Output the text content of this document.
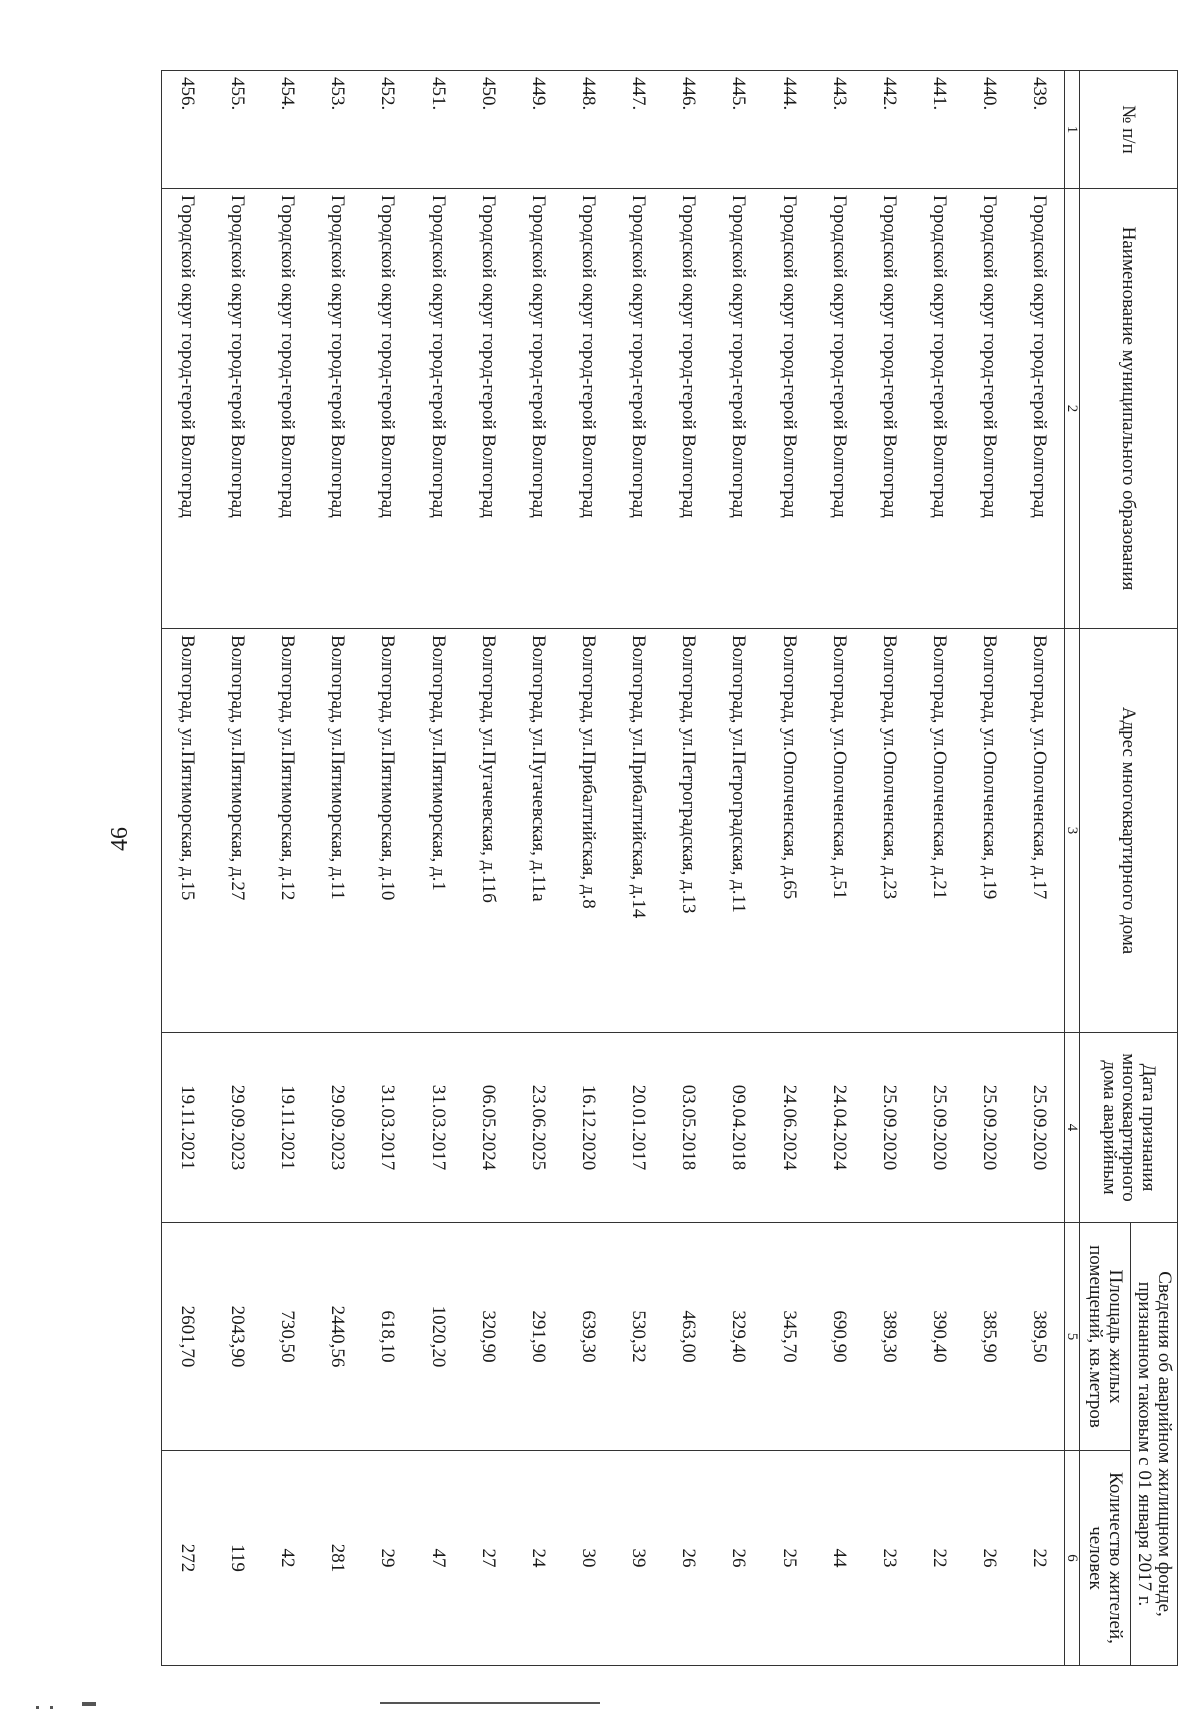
46
№ п/п	Наименование муниципального образования	Адрес многоквартирного дома	Дата признания многоквартирного дома аварийным	Сведения об аварийном жилищном фонде, признанном таковым с 01 января 2017 г.	
				Площадь жилых помещений, кв.метров	Количество жителей, человек
1	2	3	4	5	6
439.	Городской округ город-герой Волгоград	Волгоград, ул.Ополченская, д.17	25.09.2020	389,50	22
440.	Городской округ город-герой Волгоград	Волгоград, ул.Ополченская, д.19	25.09.2020	385,90	26
441.	Городской округ город-герой Волгоград	Волгоград, ул.Ополченская, д.21	25.09.2020	390,40	22
442.	Городской округ город-герой Волгоград	Волгоград, ул.Ополченская, д.23	25.09.2020	389,30	23
443.	Городской округ город-герой Волгоград	Волгоград, ул.Ополченская, д.51	24.04.2024	690,90	44
444.	Городской округ город-герой Волгоград	Волгоград, ул.Ополченская, д.65	24.06.2024	345,70	25
445.	Городской округ город-герой Волгоград	Волгоград, ул.Петроградская, д.11	09.04.2018	329,40	26
446.	Городской округ город-герой Волгоград	Волгоград, ул.Петроградская, д.13	03.05.2018	463,00	26
447.	Городской округ город-герой Волгоград	Волгоград, ул.Прибалтийская, д.14	20.01.2017	530,32	39
448.	Городской округ город-герой Волгоград	Волгоград, ул.Прибалтийская, д.8	16.12.2020	639,30	30
449.	Городской округ город-герой Волгоград	Волгоград, ул.Пугачевская, д.11а	23.06.2025	291,90	24
450.	Городской округ город-герой Волгоград	Волгоград, ул.Пугачевская, д.11б	06.05.2024	320,90	27
451.	Городской округ город-герой Волгоград	Волгоград, ул.Пятиморская, д.1	31.03.2017	1020,20	47
452.	Городской округ город-герой Волгоград	Волгоград, ул.Пятиморская, д.10	31.03.2017	618,10	29
453.	Городской округ город-герой Волгоград	Волгоград, ул.Пятиморская, д.11	29.09.2023	2440,56	281
454.	Городской округ город-герой Волгоград	Волгоград, ул.Пятиморская, д.12	19.11.2021	730,50	42
455.	Городской округ город-герой Волгоград	Волгоград, ул.Пятиморская, д.27	29.09.2023	2043,90	119
456.	Городской округ город-герой Волгоград	Волгоград, ул.Пятиморская, д.15	19.11.2021	2601,70	272
